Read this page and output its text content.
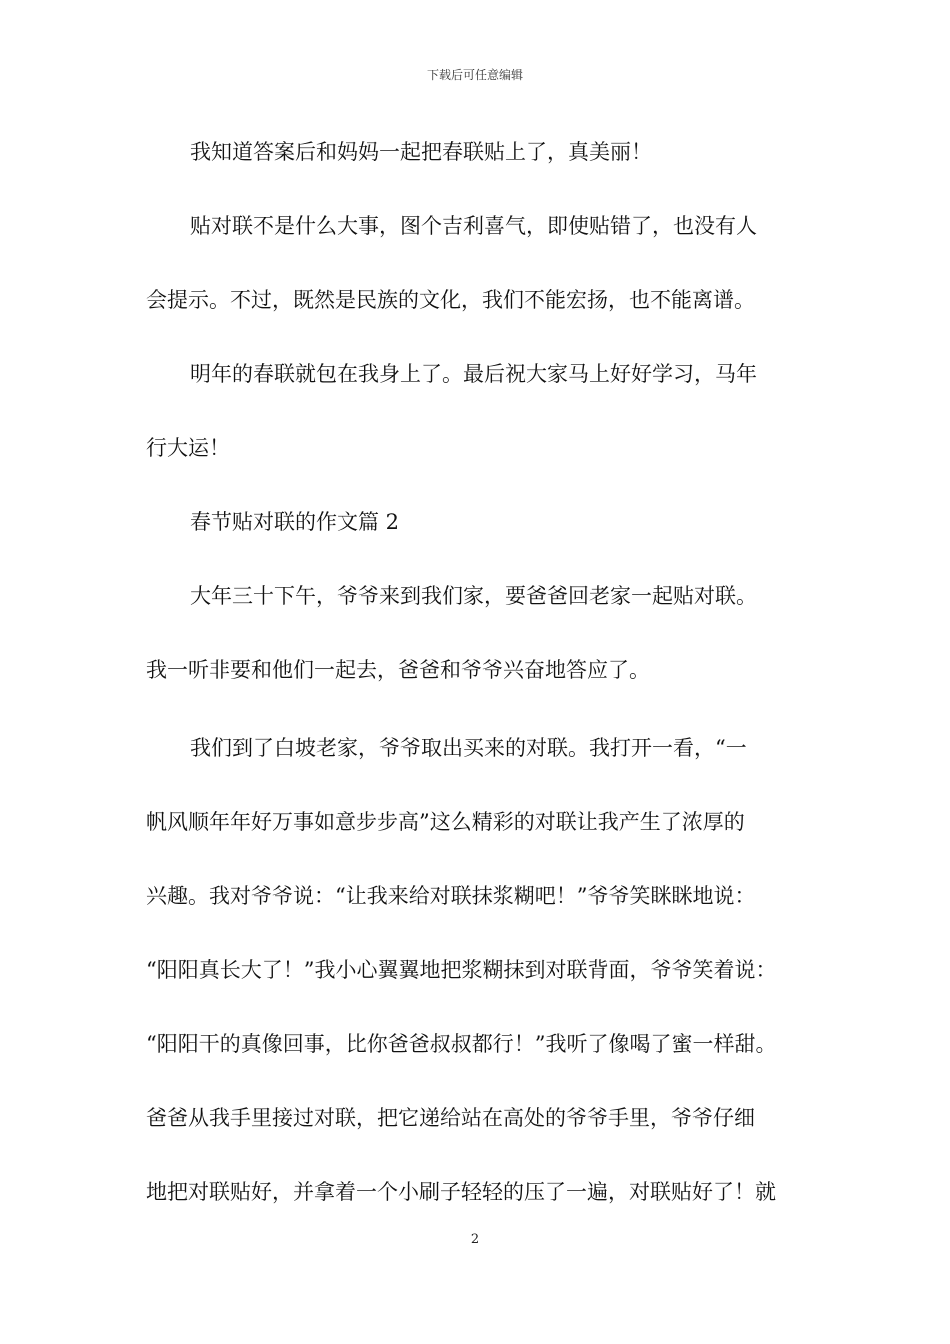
下载后可任意编辑
我知道答案后和妈妈一起把春联贴上了，真美丽！
贴对联不是什么大事，图个吉利喜气，即使贴错了，也没有人
会提示。不过，既然是民族的文化，我们不能宏扬，也不能离谱。
明年的春联就包在我身上了。最后祝大家马上好好学习，马年
行大运！
春节贴对联的作文篇 2
大年三十下午，爷爷来到我们家，要爸爸回老家一起贴对联。
我一听非要和他们一起去，爸爸和爷爷兴奋地答应了。
我们到了白坡老家，爷爷取出买来的对联。我打开一看，“一
帆风顺年年好万事如意步步高”这么精彩的对联让我产生了浓厚的
兴趣。我对爷爷说：“让我来给对联抹浆糊吧！”爷爷笑眯眯地说：
“阳阳真长大了！”我小心翼翼地把浆糊抹到对联背面，爷爷笑着说：
“阳阳干的真像回事，比你爸爸叔叔都行！”我听了像喝了蜜一样甜。
爸爸从我手里接过对联，把它递给站在高处的爷爷手里，爷爷仔细
地把对联贴好，并拿着一个小刷子轻轻的压了一遍，对联贴好了！就
2
